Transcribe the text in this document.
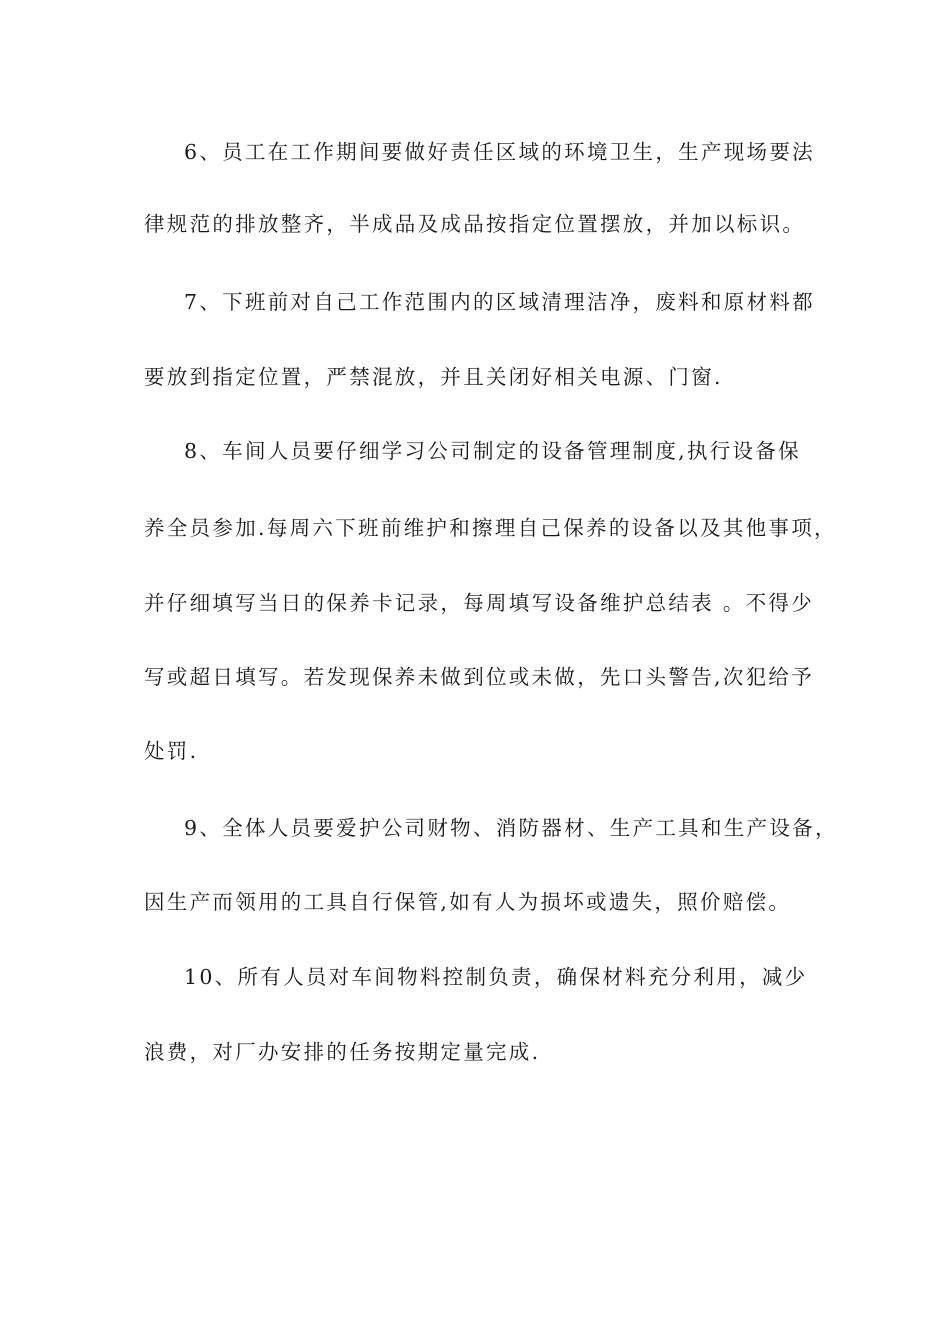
6、员工在工作期间要做好责任区域的环境卫生，生产现场要法

律规范的排放整齐，半成品及成品按指定位置摆放，并加以标识。

7、下班前对自己工作范围内的区域清理洁净，废料和原材料都

要放到指定位置，严禁混放，并且关闭好相关电源、门窗.

8、车间人员要仔细学习公司制定的设备管理制度,执行设备保

养全员参加.每周六下班前维护和擦理自己保养的设备以及其他事项，

并仔细填写当日的保养卡记录，每周填写设备维护总结表 。不得少

写或超日填写。若发现保养未做到位或未做，先口头警告,次犯给予

处罚.

9、全体人员要爱护公司财物、消防器材、生产工具和生产设备，

因生产而领用的工具自行保管,如有人为损坏或遗失，照价赔偿。

10、所有人员对车间物料控制负责，确保材料充分利用，减少

浪费，对厂办安排的任务按期定量完成.
